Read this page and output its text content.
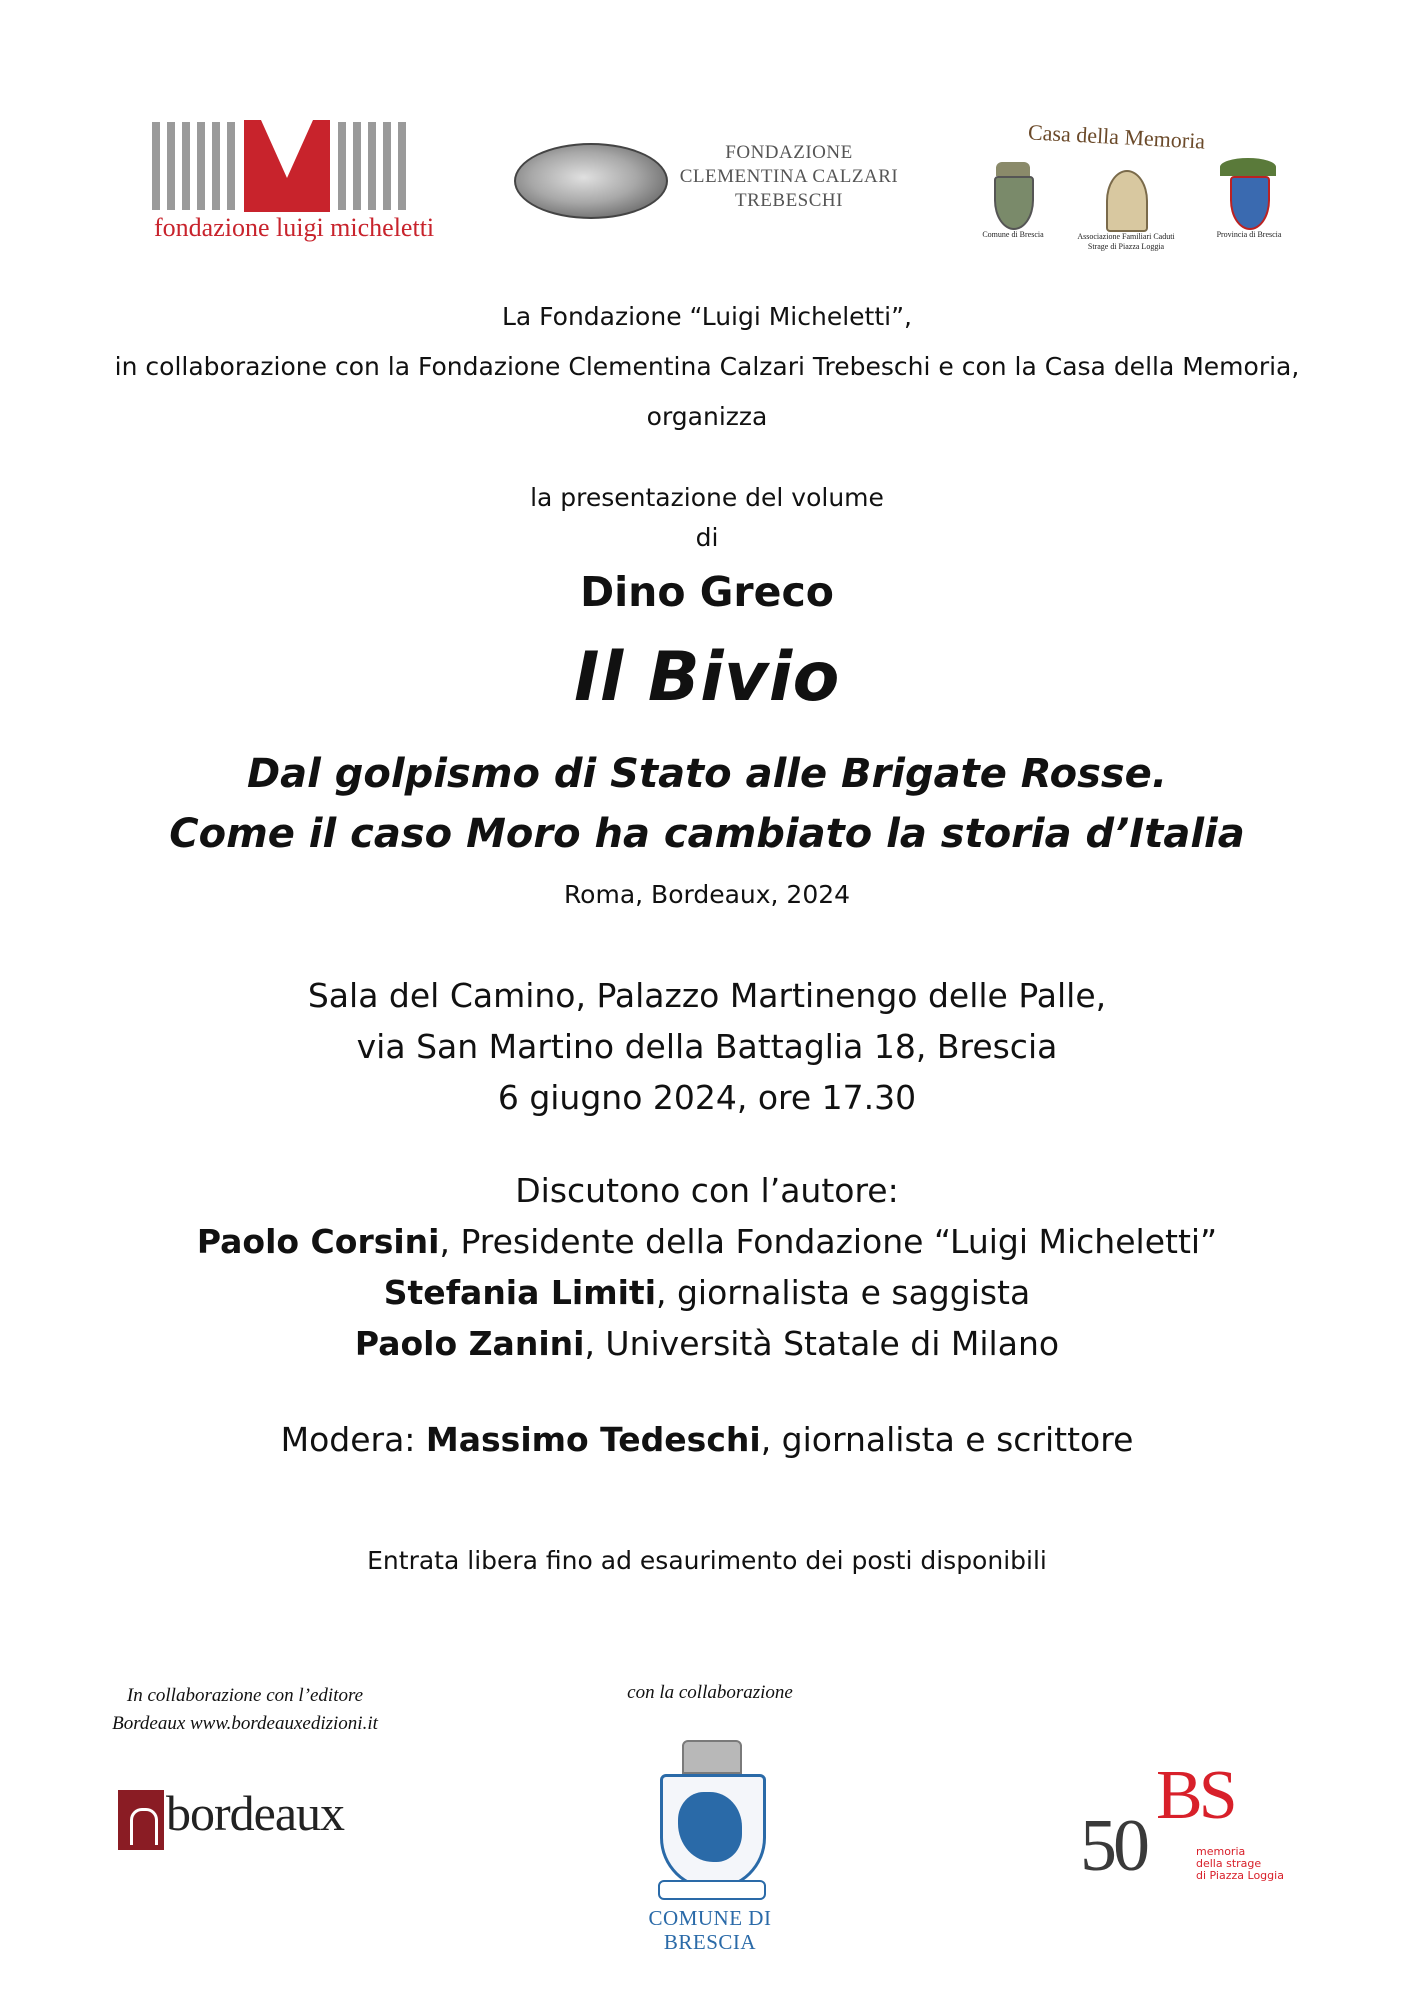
fondazione luigi micheletti
FONDAZIONE
CLEMENTINA CALZARI
TREBESCHI
Casa della Memoria
Comune di Brescia	Associazione Familiari Caduti
Strage di Piazza Loggia
Provincia di Brescia
La Fondazione “Luigi Micheletti”,
in collaborazione con la Fondazione Clementina Calzari Trebeschi e con la Casa della Memoria,
organizza
la presentazione del volume
di
Dino Greco
Il Bivio
Dal golpismo di Stato alle Brigate Rosse.
Come il caso Moro ha cambiato la storia d’Italia
Roma, Bordeaux, 2024
Sala del Camino, Palazzo Martinengo delle Palle,
via San Martino della Battaglia 18, Brescia
6 giugno 2024, ore 17.30
Discutono con l’autore:
Paolo Corsini, Presidente della Fondazione “Luigi Micheletti”
Stefania Limiti, giornalista e saggista
Paolo Zanini, Università Statale di Milano
Modera: Massimo Tedeschi, giornalista e scrittore
Entrata libera fino ad esaurimento dei posti disponibili
In collaborazione con l’editore
Bordeaux www.bordeauxedizioni.it
con la collaborazione
bordeaux
COMUNE DI
BRESCIA
BS
50	memoria
della strage
di Piazza Loggia
